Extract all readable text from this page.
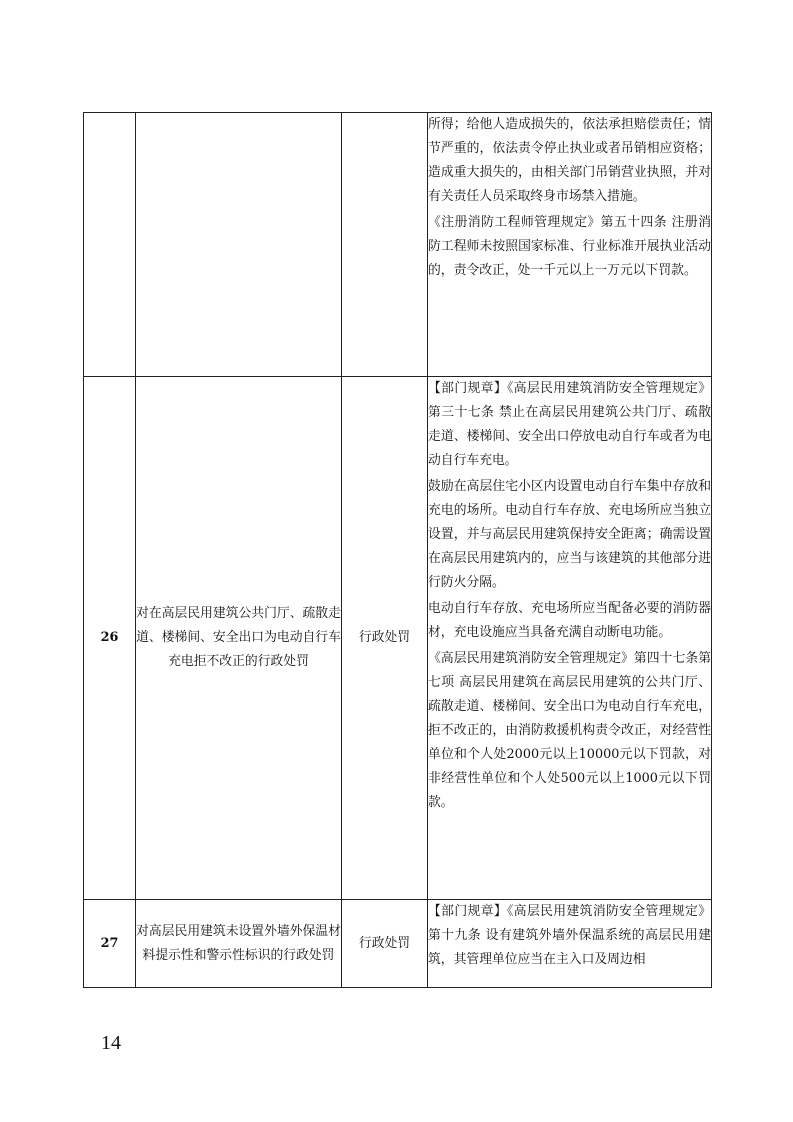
			所得；给他人造成损失的，依法承担赔偿责任；情节严重的，依法责令停止执业或者吊销相应资格；造成重大损失的，由相关部门吊销营业执照，并对有关责任人员采取终身市场禁入措施。

《注册消防工程师管理规定》第五十四条 注册消防工程师未按照国家标准、行业标准开展执业活动的，责令改正，处一千元以上一万元以下罚款。

26	对在高层民用建筑公共门厅、疏散走道、楼梯间、安全出口为电动自行车充电拒不改正的行政处罚	行政处罚	【部门规章】《高层民用建筑消防安全管理规定》第三十七条 禁止在高层民用建筑公共门厅、疏散走道、楼梯间、安全出口停放电动自行车或者为电动自行车充电。

鼓励在高层住宅小区内设置电动自行车集中存放和充电的场所。电动自行车存放、充电场所应当独立设置，并与高层民用建筑保持安全距离；确需设置在高层民用建筑内的，应当与该建筑的其他部分进行防火分隔。

电动自行车存放、充电场所应当配备必要的消防器材，充电设施应当具备充满自动断电功能。

《高层民用建筑消防安全管理规定》第四十七条第七项 高层民用建筑在高层民用建筑的公共门厅、疏散走道、楼梯间、安全出口为电动自行车充电，拒不改正的，由消防救援机构责令改正，对经营性单位和个人处2000元以上10000元以下罚款，对非经营性单位和个人处500元以上1000元以下罚款。

27	对高层民用建筑未设置外墙外保温材料提示性和警示性标识的行政处罚	行政处罚	【部门规章】《高层民用建筑消防安全管理规定》第十九条 设有建筑外墙外保温系统的高层民用建筑，其管理单位应当在主入口及周边相

14
